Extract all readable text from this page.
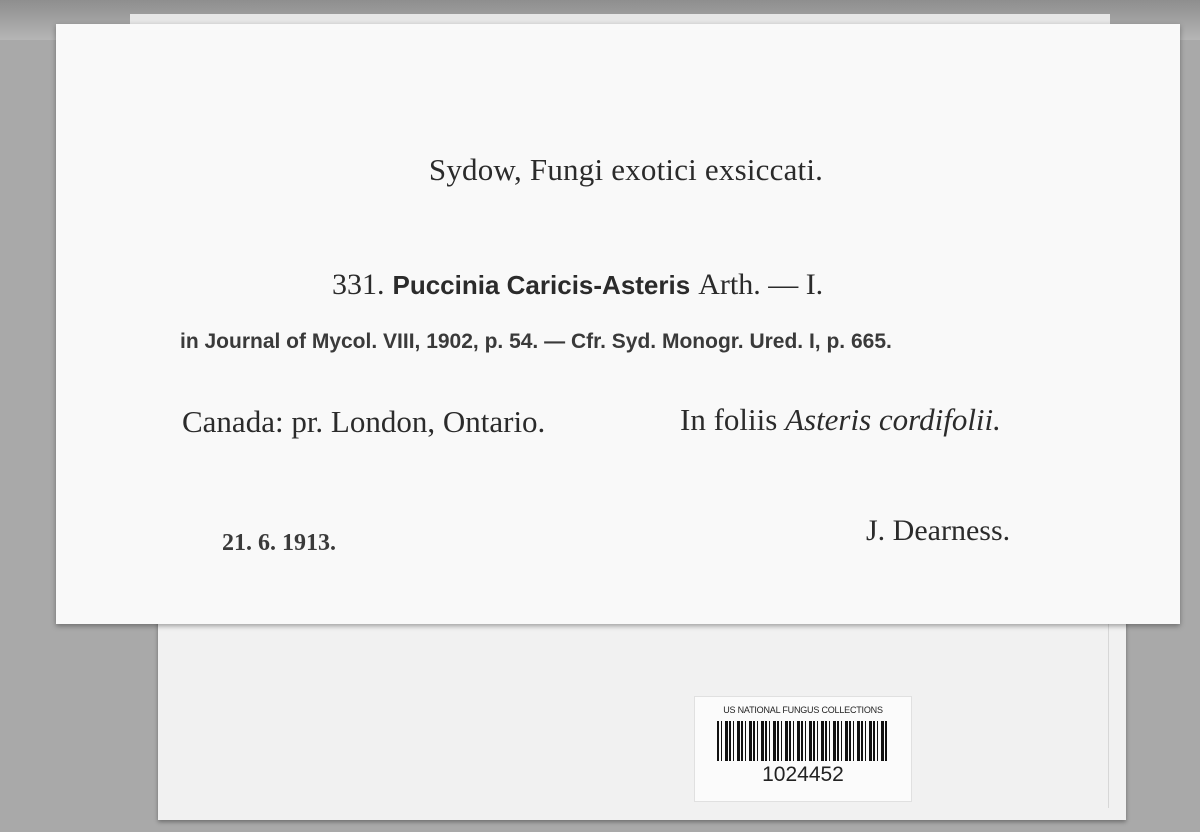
Sydow, Fungi exotici exsiccati.
331. Puccinia Caricis-Asteris Arth. — I.
in Journal of Mycol. VIII, 1902, p. 54. — Cfr. Syd. Monogr. Ured. I, p. 665.
Canada: pr. London, Ontario.	In foliis Asteris cordifolii.
21. 6. 1913.	J. Dearness.
US NATIONAL FUNGUS COLLECTIONS
1024452
